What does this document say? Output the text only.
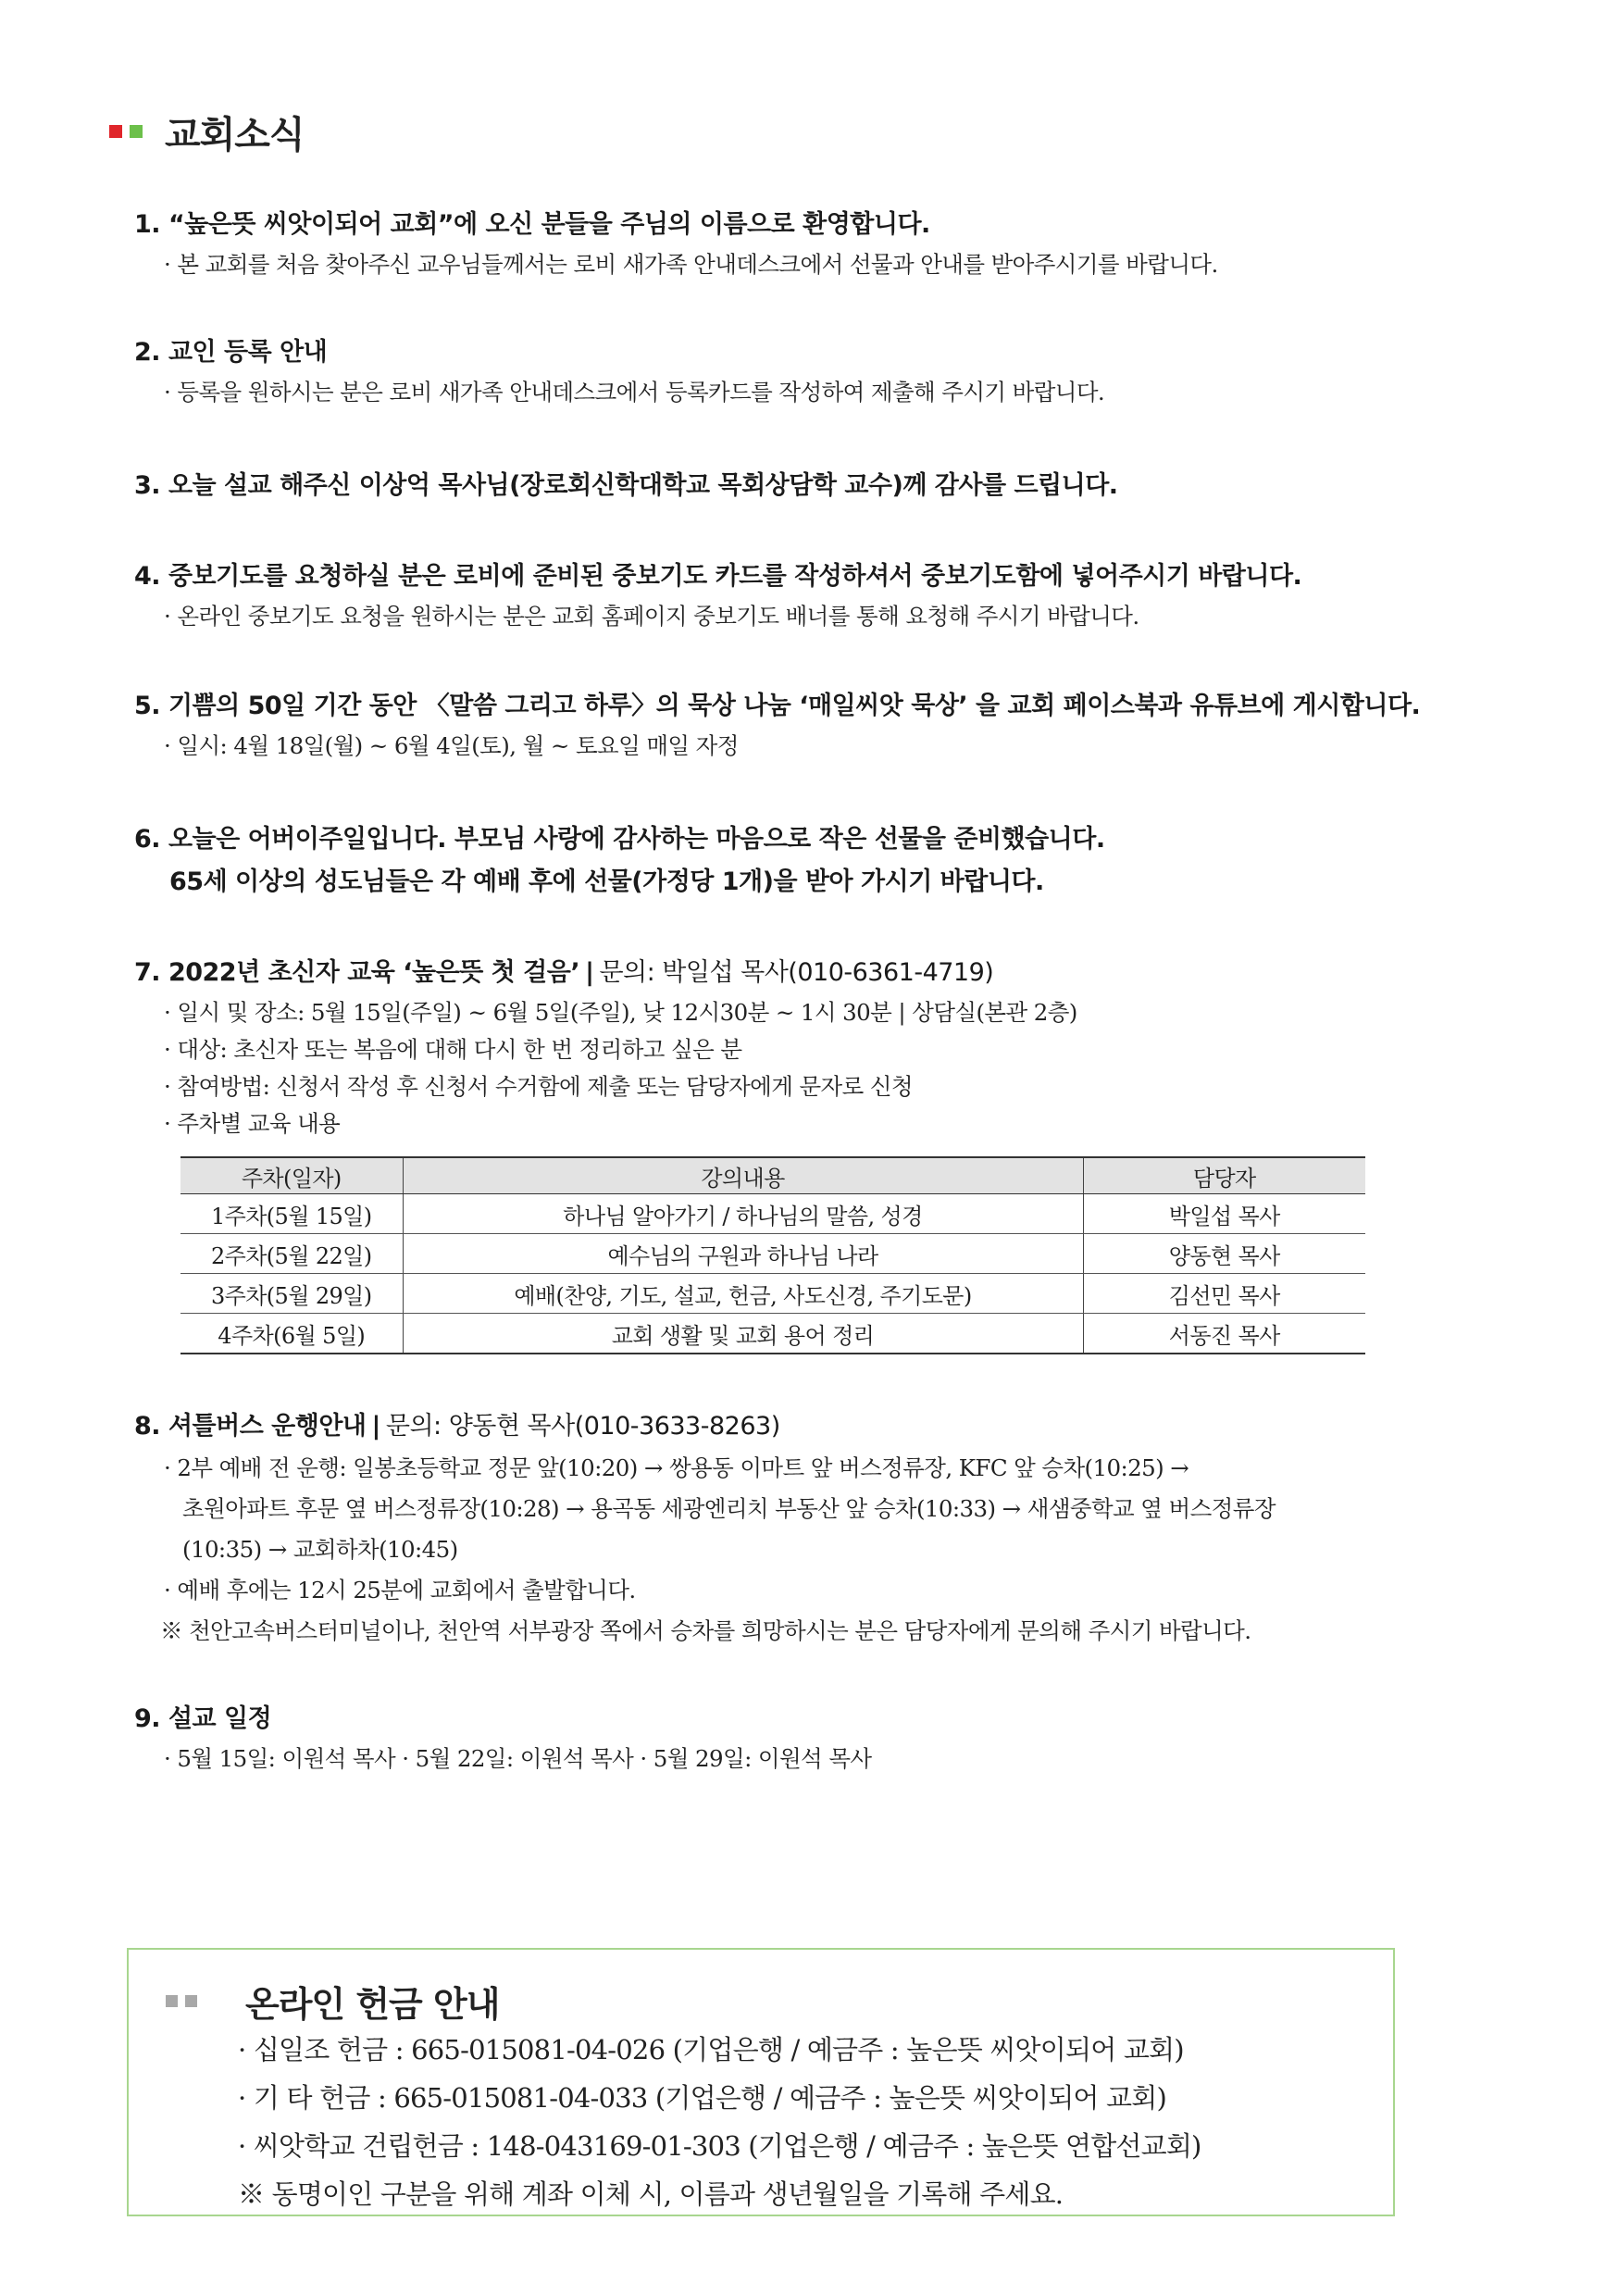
교회소식
1. “높은뜻 씨앗이되어 교회”에 오신 분들을 주님의 이름으로 환영합니다.
· 본 교회를 처음 찾아주신 교우님들께서는 로비 새가족 안내데스크에서 선물과 안내를 받아주시기를 바랍니다.
2. 교인 등록 안내
· 등록을 원하시는 분은 로비 새가족 안내데스크에서 등록카드를 작성하여 제출해 주시기 바랍니다.
3. 오늘 설교 해주신 이상억 목사님(장로회신학대학교 목회상담학 교수)께 감사를 드립니다.
4. 중보기도를 요청하실 분은 로비에 준비된 중보기도 카드를 작성하셔서 중보기도함에 넣어주시기 바랍니다.
· 온라인 중보기도 요청을 원하시는 분은 교회 홈페이지 중보기도 배너를 통해 요청해 주시기 바랍니다.
5. 기쁨의 50일 기간 동안 〈말씀 그리고 하루〉의 묵상 나눔 ‘매일씨앗 묵상’ 을 교회 페이스북과 유튜브에 게시합니다.
· 일시: 4월 18일(월) ~ 6월 4일(토), 월 ~ 토요일 매일 자정
6. 오늘은 어버이주일입니다. 부모님 사랑에 감사하는 마음으로 작은 선물을 준비했습니다.
65세 이상의 성도님들은 각 예배 후에 선물(가정당 1개)을 받아 가시기 바랍니다.
7. 2022년 초신자 교육 ‘높은뜻 첫 걸음’ | 문의: 박일섭 목사(010-6361-4719)
· 일시 및 장소: 5월 15일(주일) ~ 6월 5일(주일), 낮 12시30분 ~ 1시 30분 | 상담실(본관 2층)
· 대상: 초신자 또는 복음에 대해 다시 한 번 정리하고 싶은 분
· 참여방법: 신청서 작성 후 신청서 수거함에 제출 또는 담당자에게 문자로 신청
· 주차별 교육 내용
주차(일자)	강의내용	담당자
1주차(5월 15일)	하나님 알아가기 / 하나님의 말씀, 성경	박일섭 목사
2주차(5월 22일)	예수님의 구원과 하나님 나라	양동현 목사
3주차(5월 29일)	예배(찬양, 기도, 설교, 헌금, 사도신경, 주기도문)	김선민 목사
4주차(6월 5일)	교회 생활 및 교회 용어 정리	서동진 목사
8. 셔틀버스 운행안내 | 문의: 양동현 목사(010-3633-8263)
· 2부 예배 전 운행: 일봉초등학교 정문 앞(10:20) → 쌍용동 이마트 앞 버스정류장, KFC 앞 승차(10:25) →
초원아파트 후문 옆 버스정류장(10:28) → 용곡동 세광엔리치 부동산 앞 승차(10:33) → 새샘중학교 옆 버스정류장
(10:35) → 교회하차(10:45)
· 예배 후에는 12시 25분에 교회에서 출발합니다.
※ 천안고속버스터미널이나, 천안역 서부광장 쪽에서 승차를 희망하시는 분은 담당자에게 문의해 주시기 바랍니다.
9. 설교 일정
· 5월 15일: 이원석 목사 · 5월 22일: 이원석 목사 · 5월 29일: 이원석 목사
온라인 헌금 안내
· 십일조 헌금 : 665-015081-04-026 (기업은행 / 예금주 : 높은뜻 씨앗이되어 교회)
· 기 타 헌금 : 665-015081-04-033 (기업은행 / 예금주 : 높은뜻 씨앗이되어 교회)
· 씨앗학교 건립헌금 : 148-043169-01-303 (기업은행 / 예금주 : 높은뜻 연합선교회)
※ 동명이인 구분을 위해 계좌 이체 시, 이름과 생년월일을 기록해 주세요.
